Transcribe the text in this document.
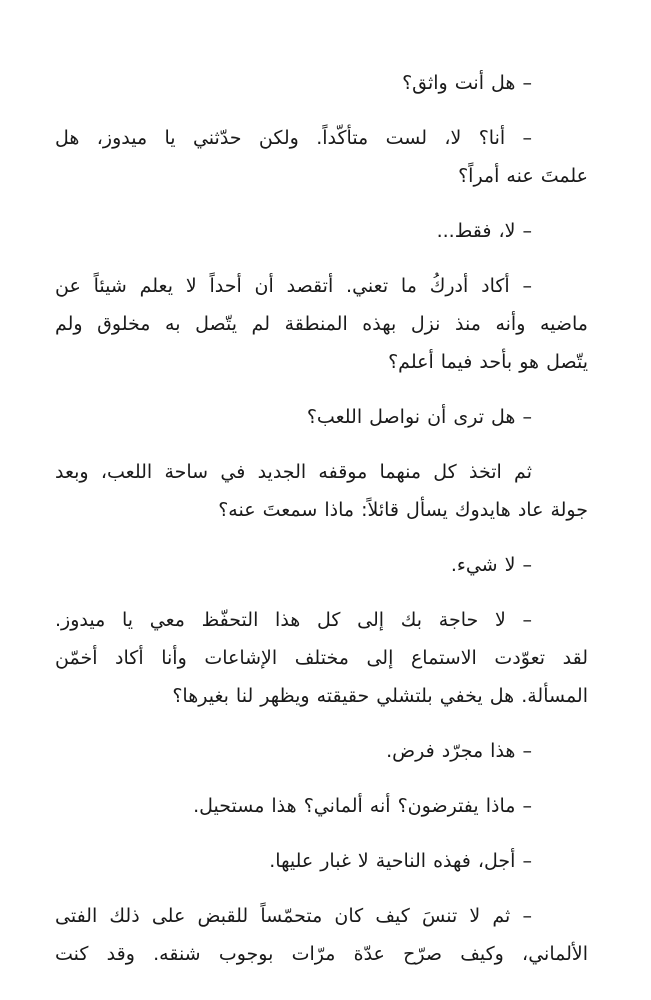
– هل أنت واثق؟

– أنا؟ لا، لست متأكّداً. ولكن حدّثني يا ميدوز، هل
علمتَ عنه أمراً؟

– لا، فقط...

– أكاد أدركُ ما تعني. أتقصد أن أحداً لا يعلم شيئاً عن
ماضيه وأنه منذ نزل بهذه المنطقة لم يتّصل به مخلوق ولم
يتّصل هو بأحد فيما أعلم؟

– هل ترى أن نواصل اللعب؟

ثم اتخذ كل منهما موقفه الجديد في ساحة اللعب، وبعد
جولة عاد هايدوك يسأل قائلاً: ماذا سمعتَ عنه؟

– لا شيء.

– لا حاجة بك إلى كل هذا التحفّظ معي يا ميدوز.
لقد تعوّدت الاستماع إلى مختلف الإشاعات وأنا أكاد أخمّن
المسألة. هل يخفي بلتشلي حقيقته ويظهر لنا بغيرها؟

– هذا مجرّد فرض.

– ماذا يفترضون؟ أنه ألماني؟ هذا مستحيل.

– أجل، فهذه الناحية لا غبار عليها.

– ثم لا تنسَ كيف كان متحمّساً للقبض على ذلك الفتى
الألماني، وكيف صرّح عدّة مرّات بوجوب شنقه. وقد كنت
